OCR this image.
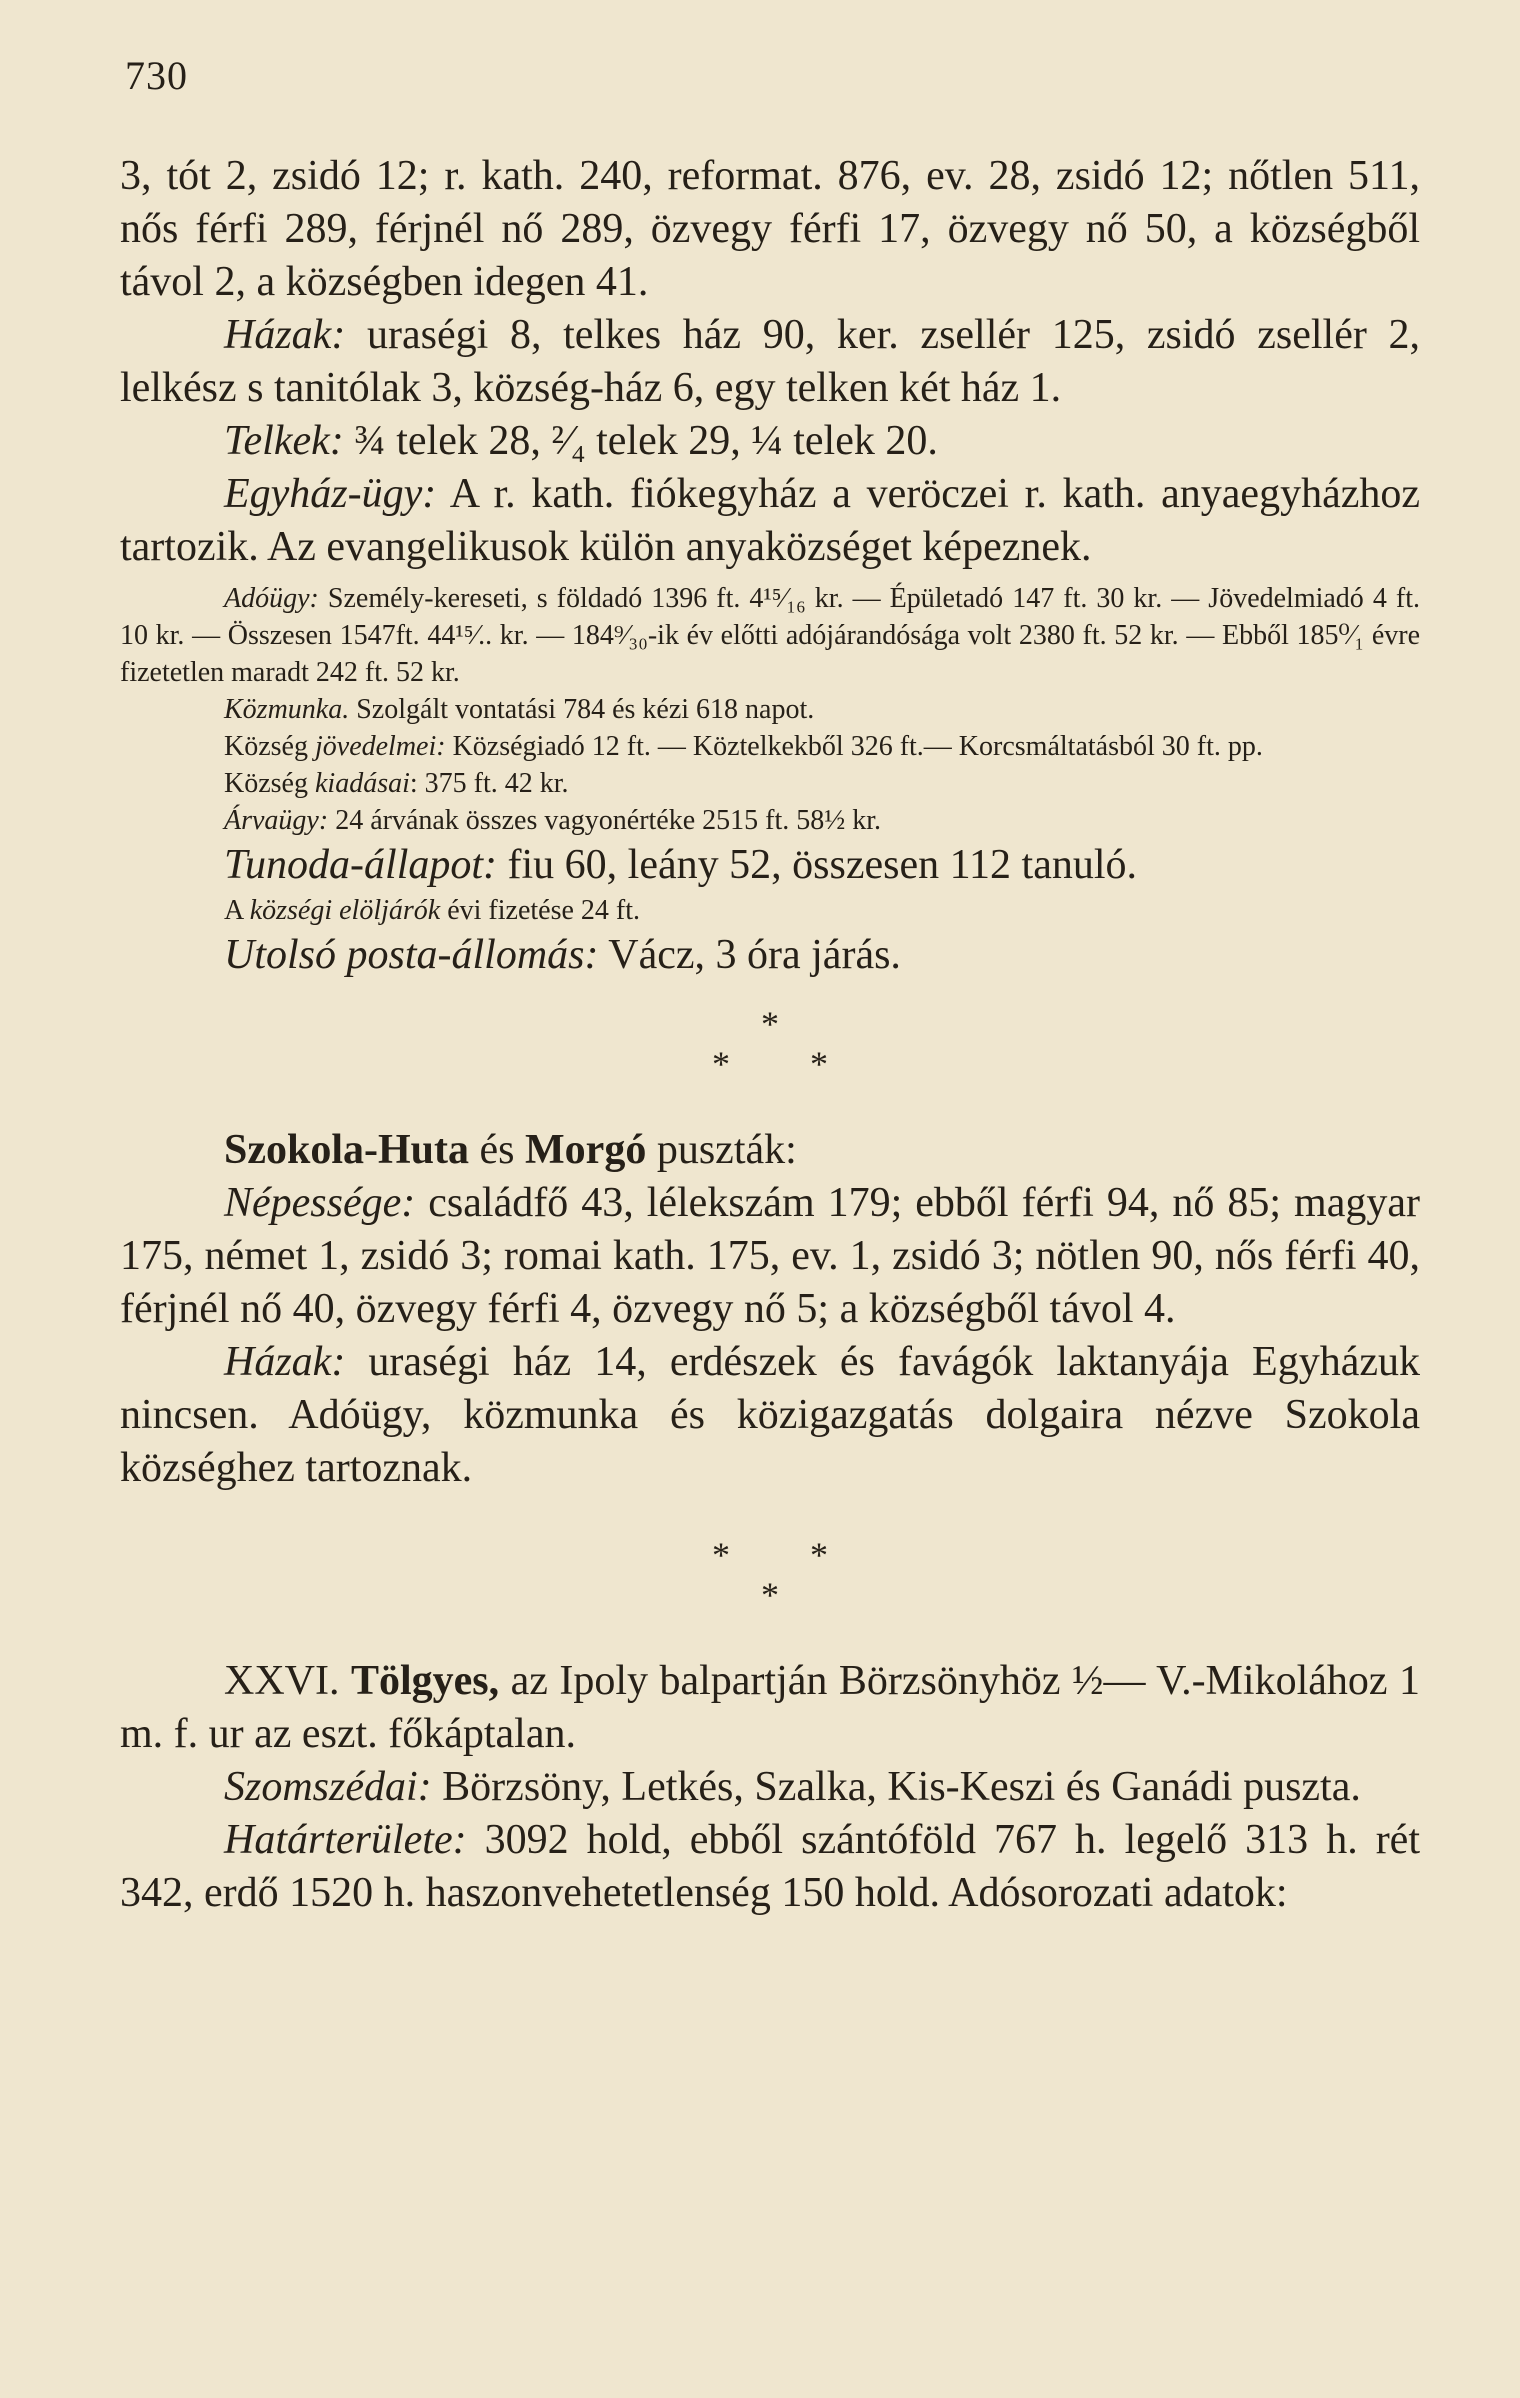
730

3, tót 2, zsidó 12; r. kath. 240, reformat. 876, ev. 28, zsidó 12; nőtlen 511, nős férfi 289, férjnél nő 289, özvegy férfi 17, özvegy nő 50, a községből távol 2, a községben idegen 41.

Házak: uraségi 8, telkes ház 90, ker. zsellér 125, zsidó zsellér 2, lelkész s tanitólak 3, község-ház 6, egy telken két ház 1.

Telkek: ¾ telek 28, ²⁄₄ telek 29, ¼ telek 20.

Egyház-ügy: A r. kath. fiókegyház a veröczei r. kath. anyaegyházhoz tartozik. Az evangelikusok külön anyaközséget képeznek.

Adóügy: Személy-kereseti, s földadó 1396 ft. 4¹⁵⁄₁₆ kr. — Épületadó 147 ft. 30 kr. — Jövedelmiadó 4 ft. 10 kr. — Összesen 1547ft. 44¹⁵⁄.. kr. — 184⁹⁄₃₀-ik év előtti adójárandósága volt 2380 ft. 52 kr. — Ebből 185⁰⁄₁ évre fizetetlen maradt 242 ft. 52 kr.

Közmunka. Szolgált vontatási 784 és kézi 618 napot.

Község jövedelmei: Községiadó 12 ft. — Köztelkekből 326 ft.— Korcsmáltatásból 30 ft. pp.

Község kiadásai: 375 ft. 42 kr.

Árvaügy: 24 árvának összes vagyonértéke 2515 ft. 58½ kr.

Tunoda-állapot: fiu 60, leány 52, összesen 112 tanuló.

A községi elöljárók évi fizetése 24 ft.

Utolsó posta-állomás: Vácz, 3 óra járás.

*
* *

Szokola-Huta és Morgó puszták:

Népessége: családfő 43, lélekszám 179; ebből férfi 94, nő 85; magyar 175, német 1, zsidó 3; romai kath. 175, ev. 1, zsidó 3; nötlen 90, nős férfi 40, férjnél nő 40, özvegy férfi 4, özvegy nő 5; a községből távol 4.

Házak: uraségi ház 14, erdészek és favágók laktanyája Egyházuk nincsen. Adóügy, közmunka és közigazgatás dolgaira nézve Szokola községhez tartoznak.

* *
*

XXVI. Tölgyes, az Ipoly balpartján Börzsönyhöz ½— V.-Mikolához 1 m. f. ur az eszt. főkáptalan.

Szomszédai: Börzsöny, Letkés, Szalka, Kis-Keszi és Ganádi puszta.

Határterülete: 3092 hold, ebből szántóföld 767 h. legelő 313 h. rét 342, erdő 1520 h. haszonvehetetlenség 150 hold. Adósorozati adatok:
